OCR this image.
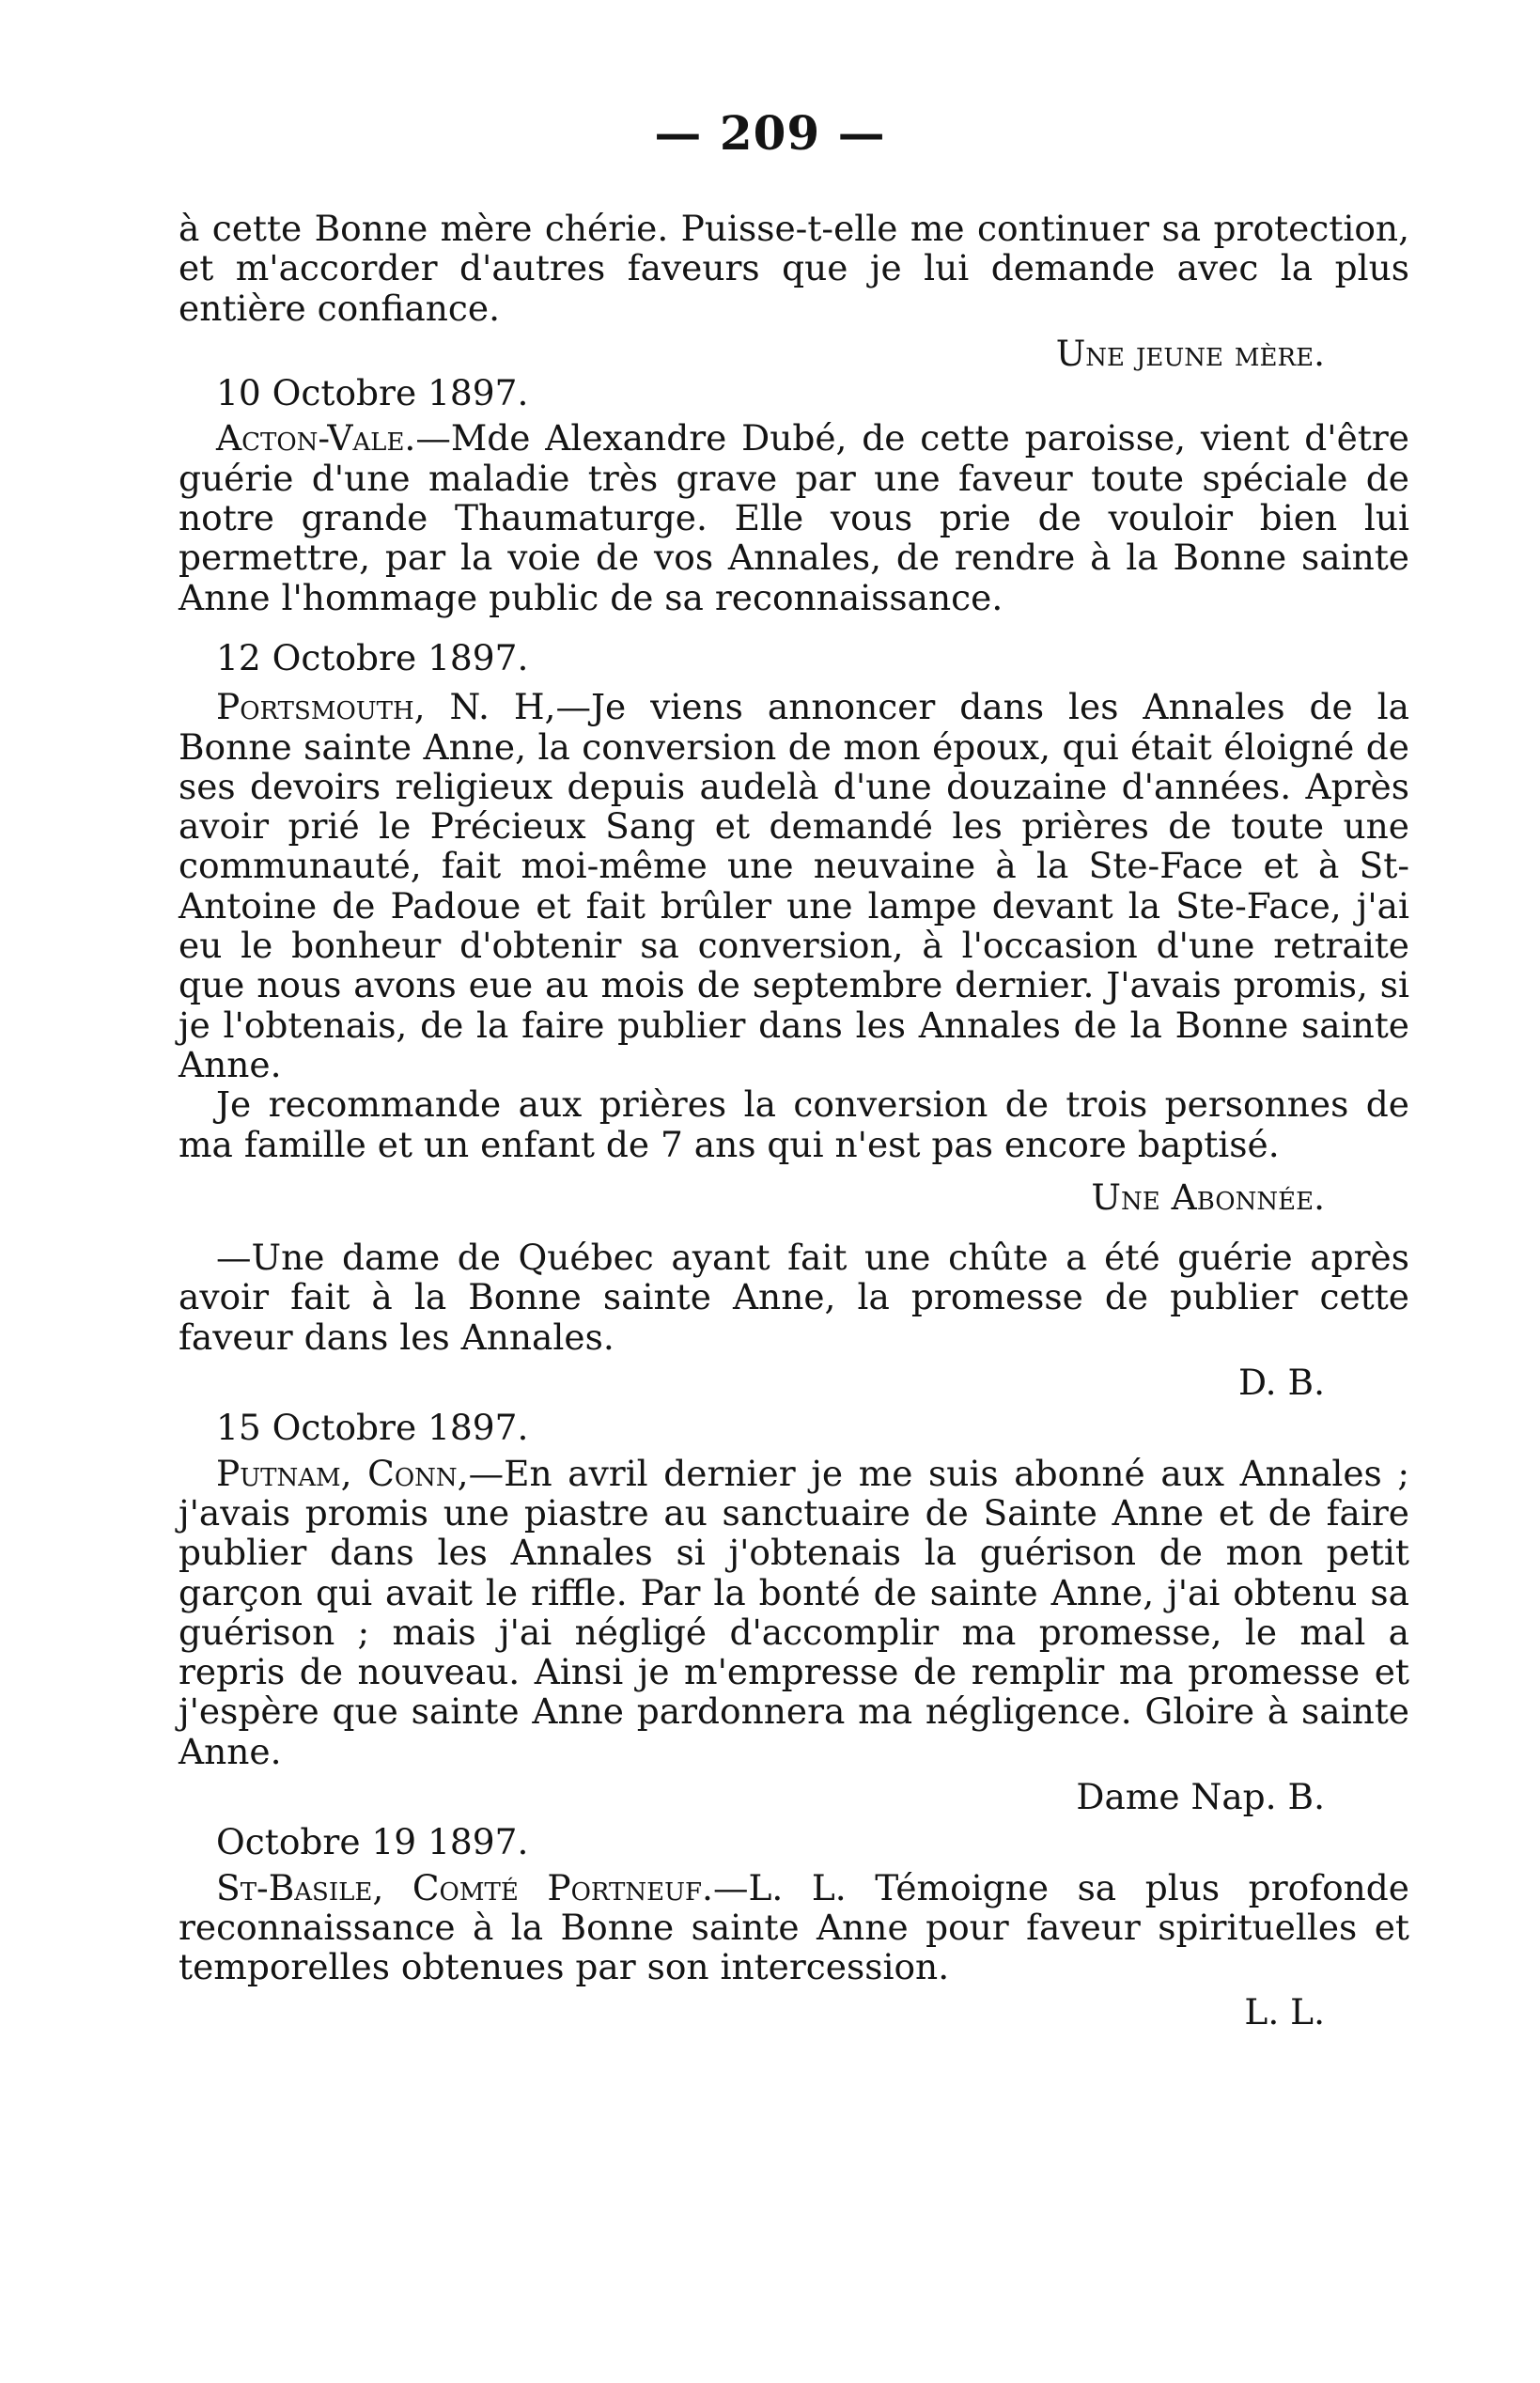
— 209 —

à cette Bonne mère chérie. Puisse-t-elle me continuer sa protection, et m'accorder d'autres faveurs que je lui demande avec la plus entière confiance.

Une jeune mère.

10 Octobre 1897.

Acton-Vale.—Mde Alexandre Dubé, de cette paroisse, vient d'être guérie d'une maladie très grave par une faveur toute spéciale de notre grande Thaumaturge. Elle vous prie de vouloir bien lui permettre, par la voie de vos Annales, de rendre à la Bonne sainte Anne l'hommage public de sa reconnaissance.

12 Octobre 1897.

Portsmouth, N. H,—Je viens annoncer dans les Annales de la Bonne sainte Anne, la conversion de mon époux, qui était éloigné de ses devoirs religieux depuis audelà d'une douzaine d'années. Après avoir prié le Précieux Sang et demandé les prières de toute une communauté, fait moi-même une neuvaine à la Ste-Face et à St-Antoine de Padoue et fait brûler une lampe devant la Ste-Face, j'ai eu le bonheur d'obtenir sa conversion, à l'occasion d'une retraite que nous avons eue au mois de septembre dernier. J'avais promis, si je l'obtenais, de la faire publier dans les Annales de la Bonne sainte Anne.

Je recommande aux prières la conversion de trois personnes de ma famille et un enfant de 7 ans qui n'est pas encore baptisé.

Une Abonnée.

—Une dame de Québec ayant fait une chûte a été guérie après avoir fait à la Bonne sainte Anne, la promesse de publier cette faveur dans les Annales.

D. B.

15 Octobre 1897.

Putnam, Conn,—En avril dernier je me suis abonné aux Annales ; j'avais promis une piastre au sanctuaire de Sainte Anne et de faire publier dans les Annales si j'obtenais la guérison de mon petit garçon qui avait le riffle. Par la bonté de sainte Anne, j'ai obtenu sa guérison ; mais j'ai négligé d'accomplir ma promesse, le mal a repris de nouveau. Ainsi je m'empresse de remplir ma promesse et j'espère que sainte Anne pardonnera ma négligence. Gloire à sainte Anne.

Dame Nap. B.

Octobre 19 1897.

St-Basile, Comté Portneuf.—L. L. Témoigne sa plus profonde reconnaissance à la Bonne sainte Anne pour faveur spirituelles et temporelles obtenues par son intercession.

L. L.
